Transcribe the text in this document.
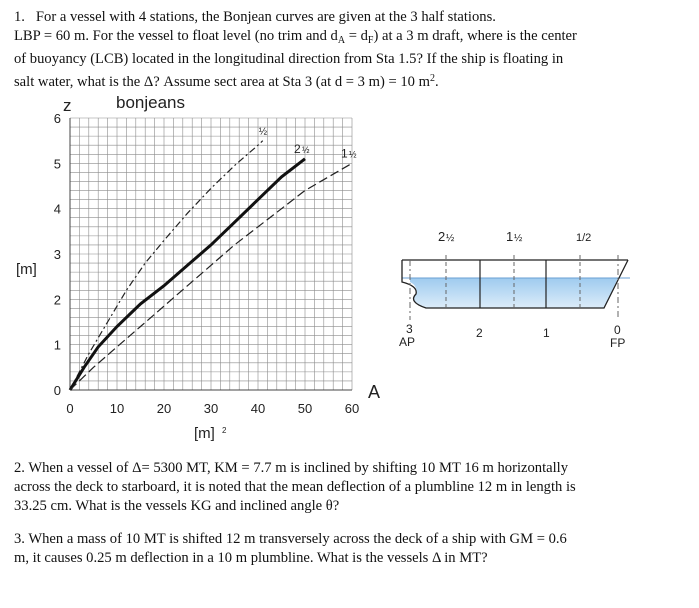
1. For a vessel with 4 stations, the Bonjean curves are given at the 3 half stations.
LBP = 60 m. For the vessel to float level (no trim and $d_A = d_F$) at a 3 m draft, where is the center
of buoyancy (LCB) located in the longitudinal direction from Sta 1.5? If the ship is floating in
salt water, what is the Δ? Assume sect area at Sta 3 (at d = 3 m) = 10 $m^2$.
½
2 ½	1 ½
0	10	20	30	40	50	60
0
1
2
3
4
5
6
bonjeans
z
[m]
A
[m] 2
2 ½	1 ½	1/2
3
AP
2	1	0
FP
2. When a vessel of Δ= 5300 MT, KM = 7.7 m is inclined by shifting 10 MT 16 m horizontally
across the deck to starboard, it is noted that the mean deflection of a plumbline 12 m in length is
33.25 cm. What is the vessels KG and inclined angle θ?
3. When a mass of 10 MT is shifted 12 m transversely across the deck of a ship with GM = 0.6
m, it causes 0.25 m deflection in a 10 m plumbline. What is the vessels Δ in MT?
